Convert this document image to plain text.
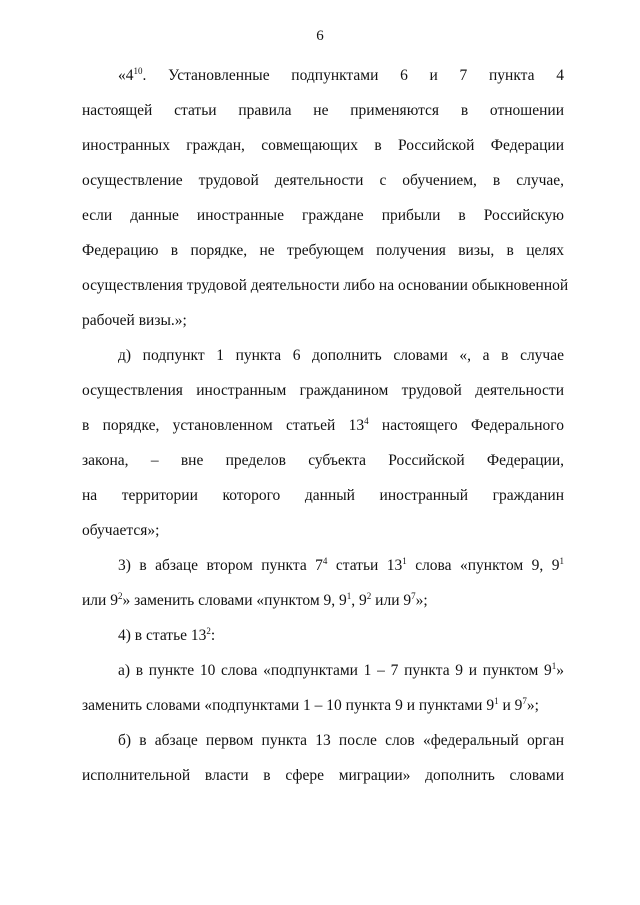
6
«$4^{10}$. Установленные подпунктами 6 и 7 пункта 4
настоящей статьи правила не применяются в отношении
иностранных граждан, совмещающих в Российской Федерации
осуществление трудовой деятельности с обучением, в случае,
если данные иностранные граждане прибыли в Российскую
Федерацию в порядке, не требующем получения визы, в целях
осуществления трудовой деятельности либо на основании обыкновенной
рабочей визы.»;
д) подпункт 1 пункта 6 дополнить словами «, а в случае
осуществления иностранным гражданином трудовой деятельности
в порядке, установленном статьей $13^4$ настоящего Федерального
закона, – вне пределов субъекта Российской Федерации,
на территории которого данный иностранный гражданин
обучается»;
3) в абзаце втором пункта $7^4$ статьи $13^1$ слова «пунктом 9, $9^1$
или $9^2$» заменить словами «пунктом 9, $9^1$, $9^2$ или $9^7$»;
4) в статье $13^2$:
а) в пункте 10 слова «подпунктами 1 – 7 пункта 9 и пунктом $9^1$»
заменить словами «подпунктами 1 – 10 пункта 9 и пунктами $9^1$ и $9^7$»;
б) в абзаце первом пункта 13 после слов «федеральный орган
исполнительной власти в сфере миграции» дополнить словами
